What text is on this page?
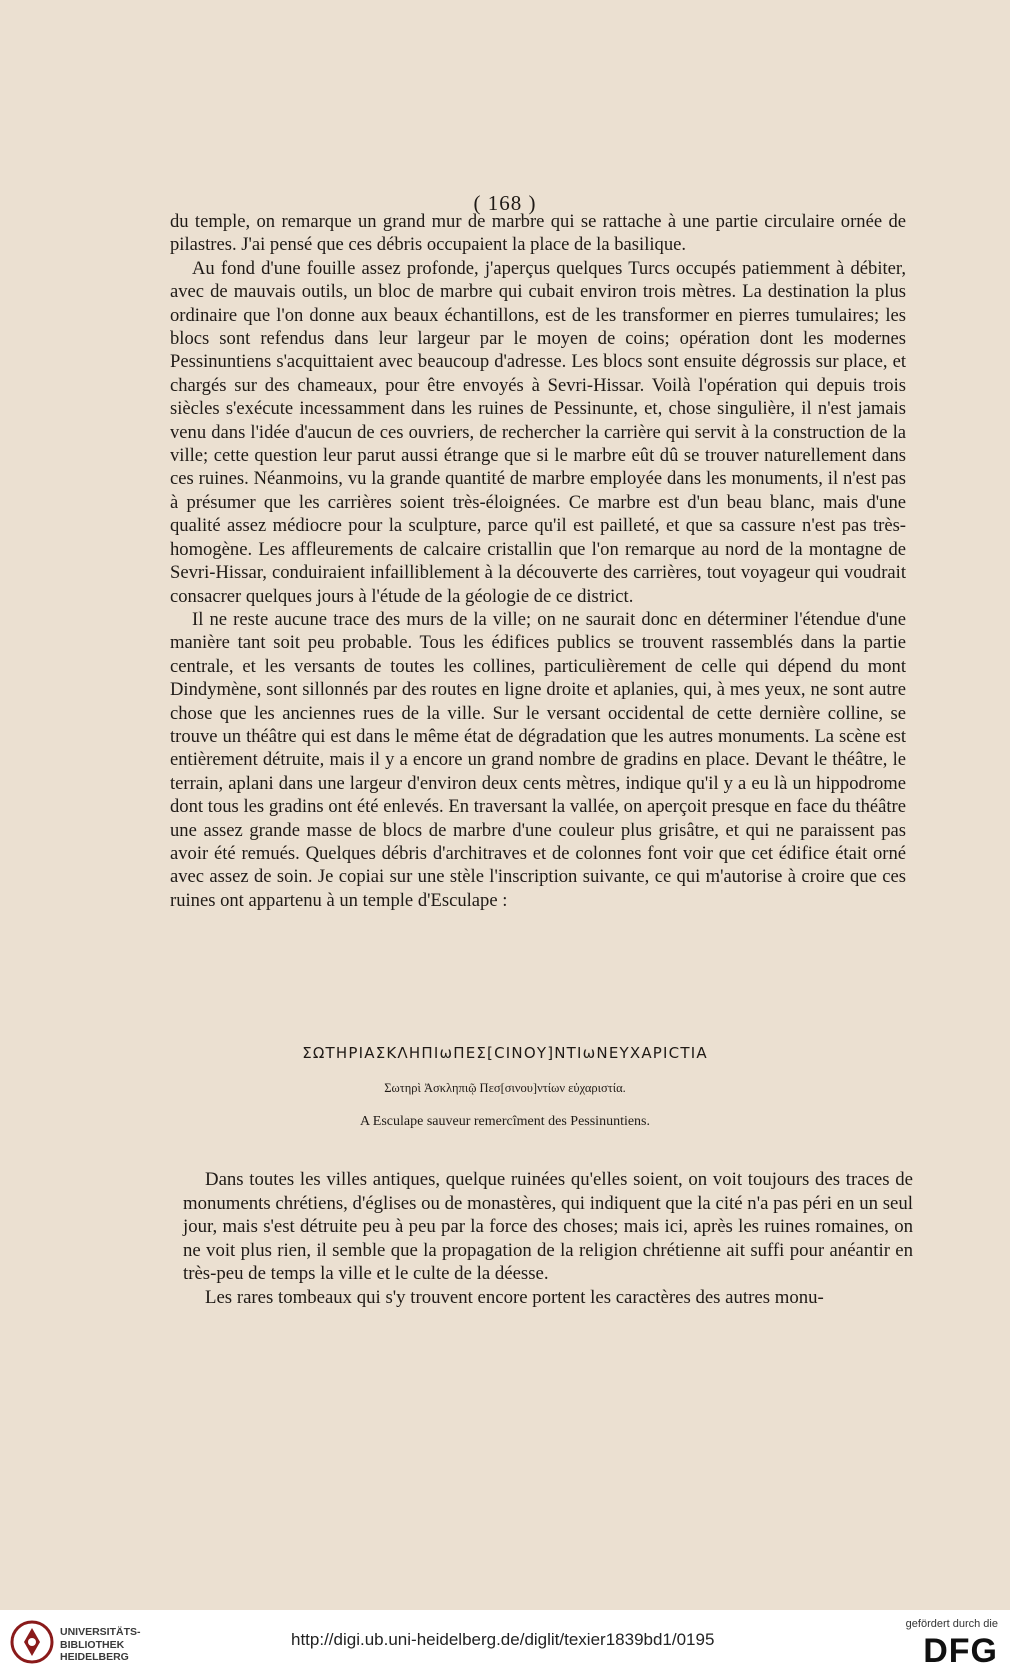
( 168 )

du temple, on remarque un grand mur de marbre qui se rattache à une partie circulaire ornée de pilastres. J'ai pensé que ces débris occupaient la place de la basilique.

Au fond d'une fouille assez profonde, j'aperçus quelques Turcs occupés patiemment à débiter, avec de mauvais outils, un bloc de marbre qui cubait environ trois mètres. La destination la plus ordinaire que l'on donne aux beaux échantillons, est de les transformer en pierres tumulaires; les blocs sont refendus dans leur largeur par le moyen de coins; opération dont les modernes Pessinuntiens s'acquittaient avec beaucoup d'adresse. Les blocs sont ensuite dégrossis sur place, et chargés sur des chameaux, pour être envoyés à Sevri-Hissar. Voilà l'opération qui depuis trois siècles s'exécute incessamment dans les ruines de Pessinunte, et, chose singulière, il n'est jamais venu dans l'idée d'aucun de ces ouvriers, de rechercher la carrière qui servit à la construction de la ville; cette question leur parut aussi étrange que si le marbre eût dû se trouver naturellement dans ces ruines. Néanmoins, vu la grande quantité de marbre employée dans les monuments, il n'est pas à présumer que les carrières soient très-éloignées. Ce marbre est d'un beau blanc, mais d'une qualité assez médiocre pour la sculpture, parce qu'il est pailleté, et que sa cassure n'est pas très-homogène. Les affleurements de calcaire cristallin que l'on remarque au nord de la montagne de Sevri-Hissar, conduiraient infailliblement à la découverte des carrières, tout voyageur qui voudrait consacrer quelques jours à l'étude de la géologie de ce district.

Il ne reste aucune trace des murs de la ville; on ne saurait donc en déterminer l'étendue d'une manière tant soit peu probable. Tous les édifices publics se trouvent rassemblés dans la partie centrale, et les versants de toutes les collines, particulièrement de celle qui dépend du mont Dindymène, sont sillonnés par des routes en ligne droite et aplanies, qui, à mes yeux, ne sont autre chose que les anciennes rues de la ville. Sur le versant occidental de cette dernière colline, se trouve un théâtre qui est dans le même état de dégradation que les autres monuments. La scène est entièrement détruite, mais il y a encore un grand nombre de gradins en place. Devant le théâtre, le terrain, aplani dans une largeur d'environ deux cents mètres, indique qu'il y a eu là un hippodrome dont tous les gradins ont été enlevés. En traversant la vallée, on aperçoit presque en face du théâtre une assez grande masse de blocs de marbre d'une couleur plus grisâtre, et qui ne paraissent pas avoir été remués. Quelques débris d'architraves et de colonnes font voir que cet édifice était orné avec assez de soin. Je copiai sur une stèle l'inscription suivante, ce qui m'autorise à croire que ces ruines ont appartenu à un temple d'Esculape :

ΣΩΤΗΡΙΑΣΚΛΗΠΙωΠΕΣ[CΙΝΟΥ]ΝΤΙωΝΕΥΧΑΡΙCΤΙΑ
Σωτηρὶ Ἀσκληπιῷ Πεσ[σινου]ντίων εὐχαριστία.
A Esculape sauveur remercîment des Pessinuntiens.

Dans toutes les villes antiques, quelque ruinées qu'elles soient, on voit toujours des traces de monuments chrétiens, d'églises ou de monastères, qui indiquent que la cité n'a pas péri en un seul jour, mais s'est détruite peu à peu par la force des choses; mais ici, après les ruines romaines, on ne voit plus rien, il semble que la propagation de la religion chrétienne ait suffi pour anéantir en très-peu de temps la ville et le culte de la déesse.

Les rares tombeaux qui s'y trouvent encore portent les caractères des autres monu-

UNIVERSITÄTS-
BIBLIOTHEK
HEIDELBERG
http://digi.ub.uni-heidelberg.de/diglit/texier1839bd1/0195
gefördert durch die
DFG
